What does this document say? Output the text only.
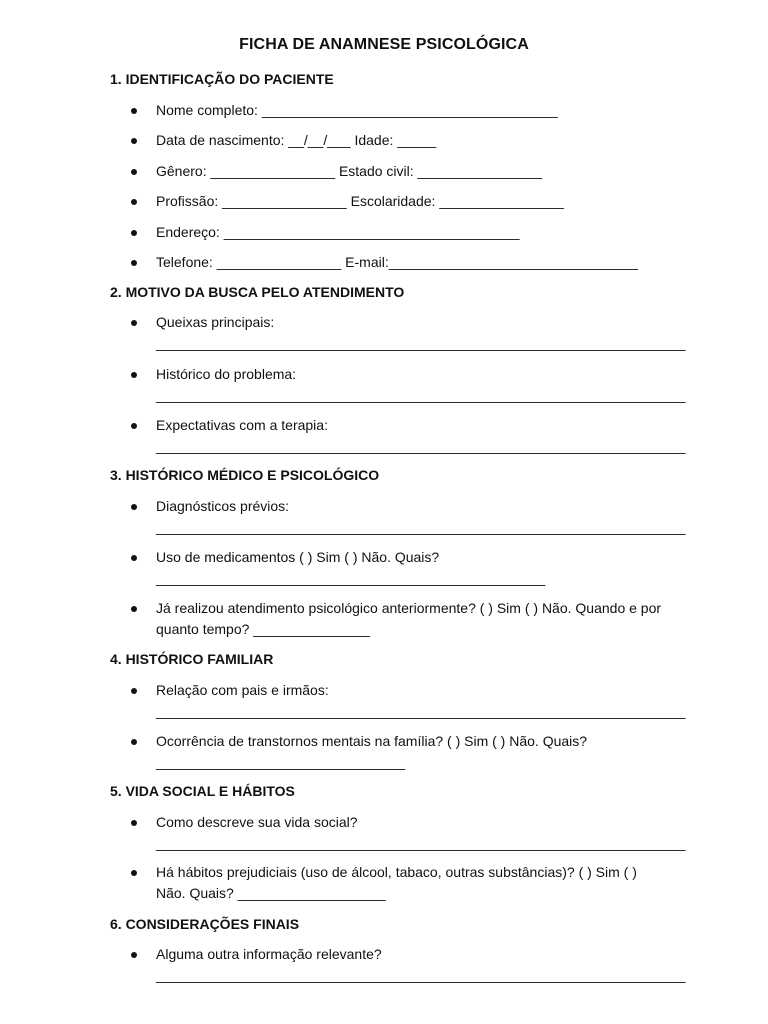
FICHA DE ANAMNESE PSICOLÓGICA
1. IDENTIFICAÇÃO DO PACIENTE
Nome completo: ______________________________________
Data de nascimento: __/__/___ Idade: _____
Gênero: ________________ Estado civil: ________________
Profissão: ________________ Escolaridade: ________________
Endereço: ______________________________________
Telefone: ________________ E-mail:________________________________
2. MOTIVO DA BUSCA PELO ATENDIMENTO
Queixas principais:
____________________________________________________________________
Histórico do problema:
____________________________________________________________________
Expectativas com a terapia:
____________________________________________________________________
3. HISTÓRICO MÉDICO E PSICOLÓGICO
Diagnósticos prévios:
____________________________________________________________________
Uso de medicamentos ( ) Sim ( ) Não. Quais?
__________________________________________________
Já realizou atendimento psicológico anteriormente? ( ) Sim ( ) Não. Quando e por quanto tempo? _______________
4. HISTÓRICO FAMILIAR
Relação com pais e irmãos:
____________________________________________________________________
Ocorrência de transtornos mentais na família? ( ) Sim ( ) Não. Quais?
________________________________
5. VIDA SOCIAL E HÁBITOS
Como descreve sua vida social?
____________________________________________________________________
Há hábitos prejudiciais (uso de álcool, tabaco, outras substâncias)? ( ) Sim ( ) Não. Quais? ___________________
6. CONSIDERAÇÕES FINAIS
Alguma outra informação relevante?
____________________________________________________________________
